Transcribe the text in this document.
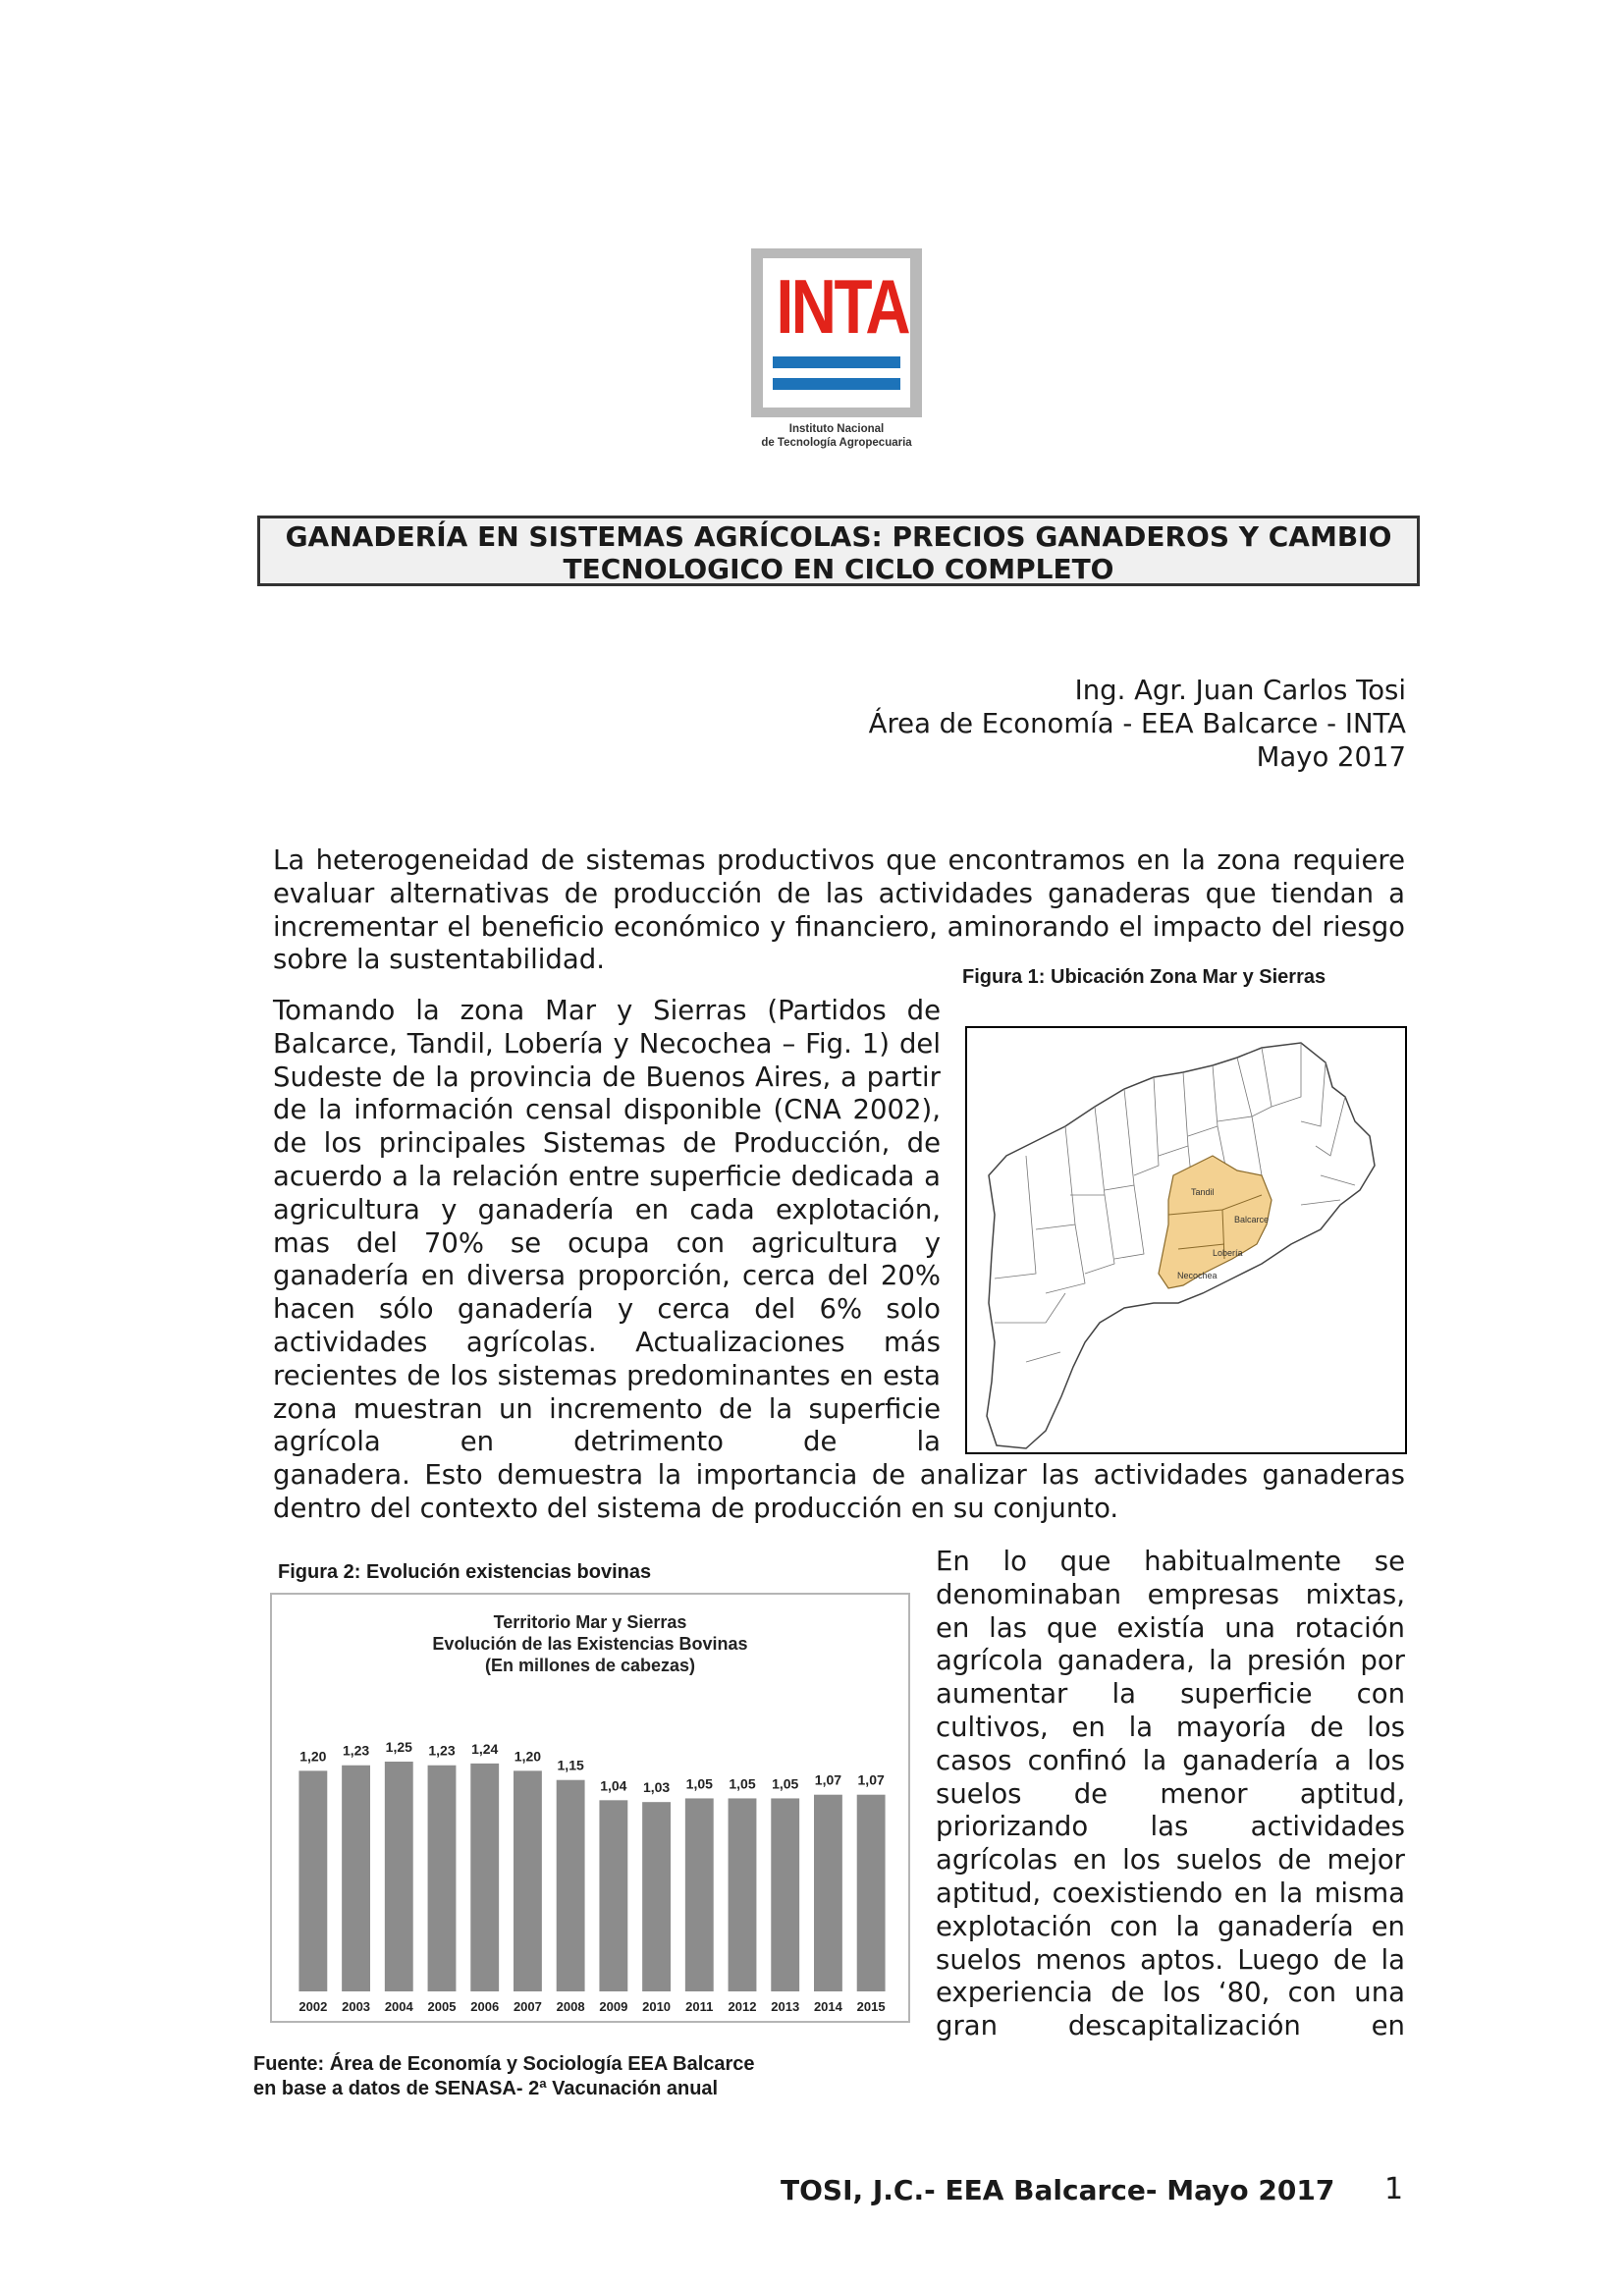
INTA
Instituto Nacional
de Tecnología Agropecuaria
GANADERÍA EN SISTEMAS AGRÍCOLAS: PRECIOS GANADEROS Y CAMBIO
TECNOLOGICO EN CICLO COMPLETO
Ing. Agr. Juan Carlos Tosi
Área de Economía - EEA Balcarce - INTA
Mayo 2017
La heterogeneidad de sistemas productivos que encontramos en la zona requiere evaluar alternativas de producción de las actividades ganaderas que tiendan a incrementar el beneficio económico y financiero, aminorando el impacto del riesgo sobre la sustentabilidad.
Tomando la zona Mar y Sierras (Partidos de Balcarce, Tandil, Lobería y Necochea – Fig. 1) del Sudeste de la provincia de Buenos Aires, a partir de la información censal disponible (CNA 2002), de los principales Sistemas de Producción, de acuerdo a la relación entre superficie dedicada a agricultura y ganadería en cada explotación, mas del 70% se ocupa con agricultura y ganadería en diversa proporción, cerca del 20% hacen sólo ganadería y cerca del 6% solo actividades agrícolas. Actualizaciones más recientes de los sistemas predominantes en esta zona muestran un incremento de la superficie agrícola en detrimento de la
ganadera. Esto demuestra la importancia de analizar las actividades ganaderas dentro del contexto del sistema de producción en su conjunto.
En lo que habitualmente se denominaban empresas mixtas, en las que existía una rotación agrícola ganadera, la presión por aumentar la superficie con cultivos, en la mayoría de los casos confinó la ganadería a los suelos de menor aptitud, priorizando las actividades agrícolas en los suelos de mejor aptitud, coexistiendo en la misma explotación con la ganadería en suelos menos aptos. Luego de la experiencia de los ‘80, con una gran descapitalización en
Figura 1: Ubicación Zona Mar y Sierras
Tandil
Balcarce
Lobería
Necochea
Figura 2: Evolución existencias bovinas
Territorio Mar y Sierras
Evolución de las Existencias Bovinas
(En millones de cabezas)
1,20 1,23 1,25 1,23 1,24 1,20
1,15
1,04 1,03 1,05 1,05 1,05 1,07 1,07
2002 2003 2004 2005 2006 2007 2008 2009 2010 2011 2012 2013 2014 2015
Fuente: Área de Economía y Sociología EEA Balcarce
en base a datos de SENASA- 2ª Vacunación anual
TOSI, J.C.- EEA Balcarce- Mayo 2017 1
